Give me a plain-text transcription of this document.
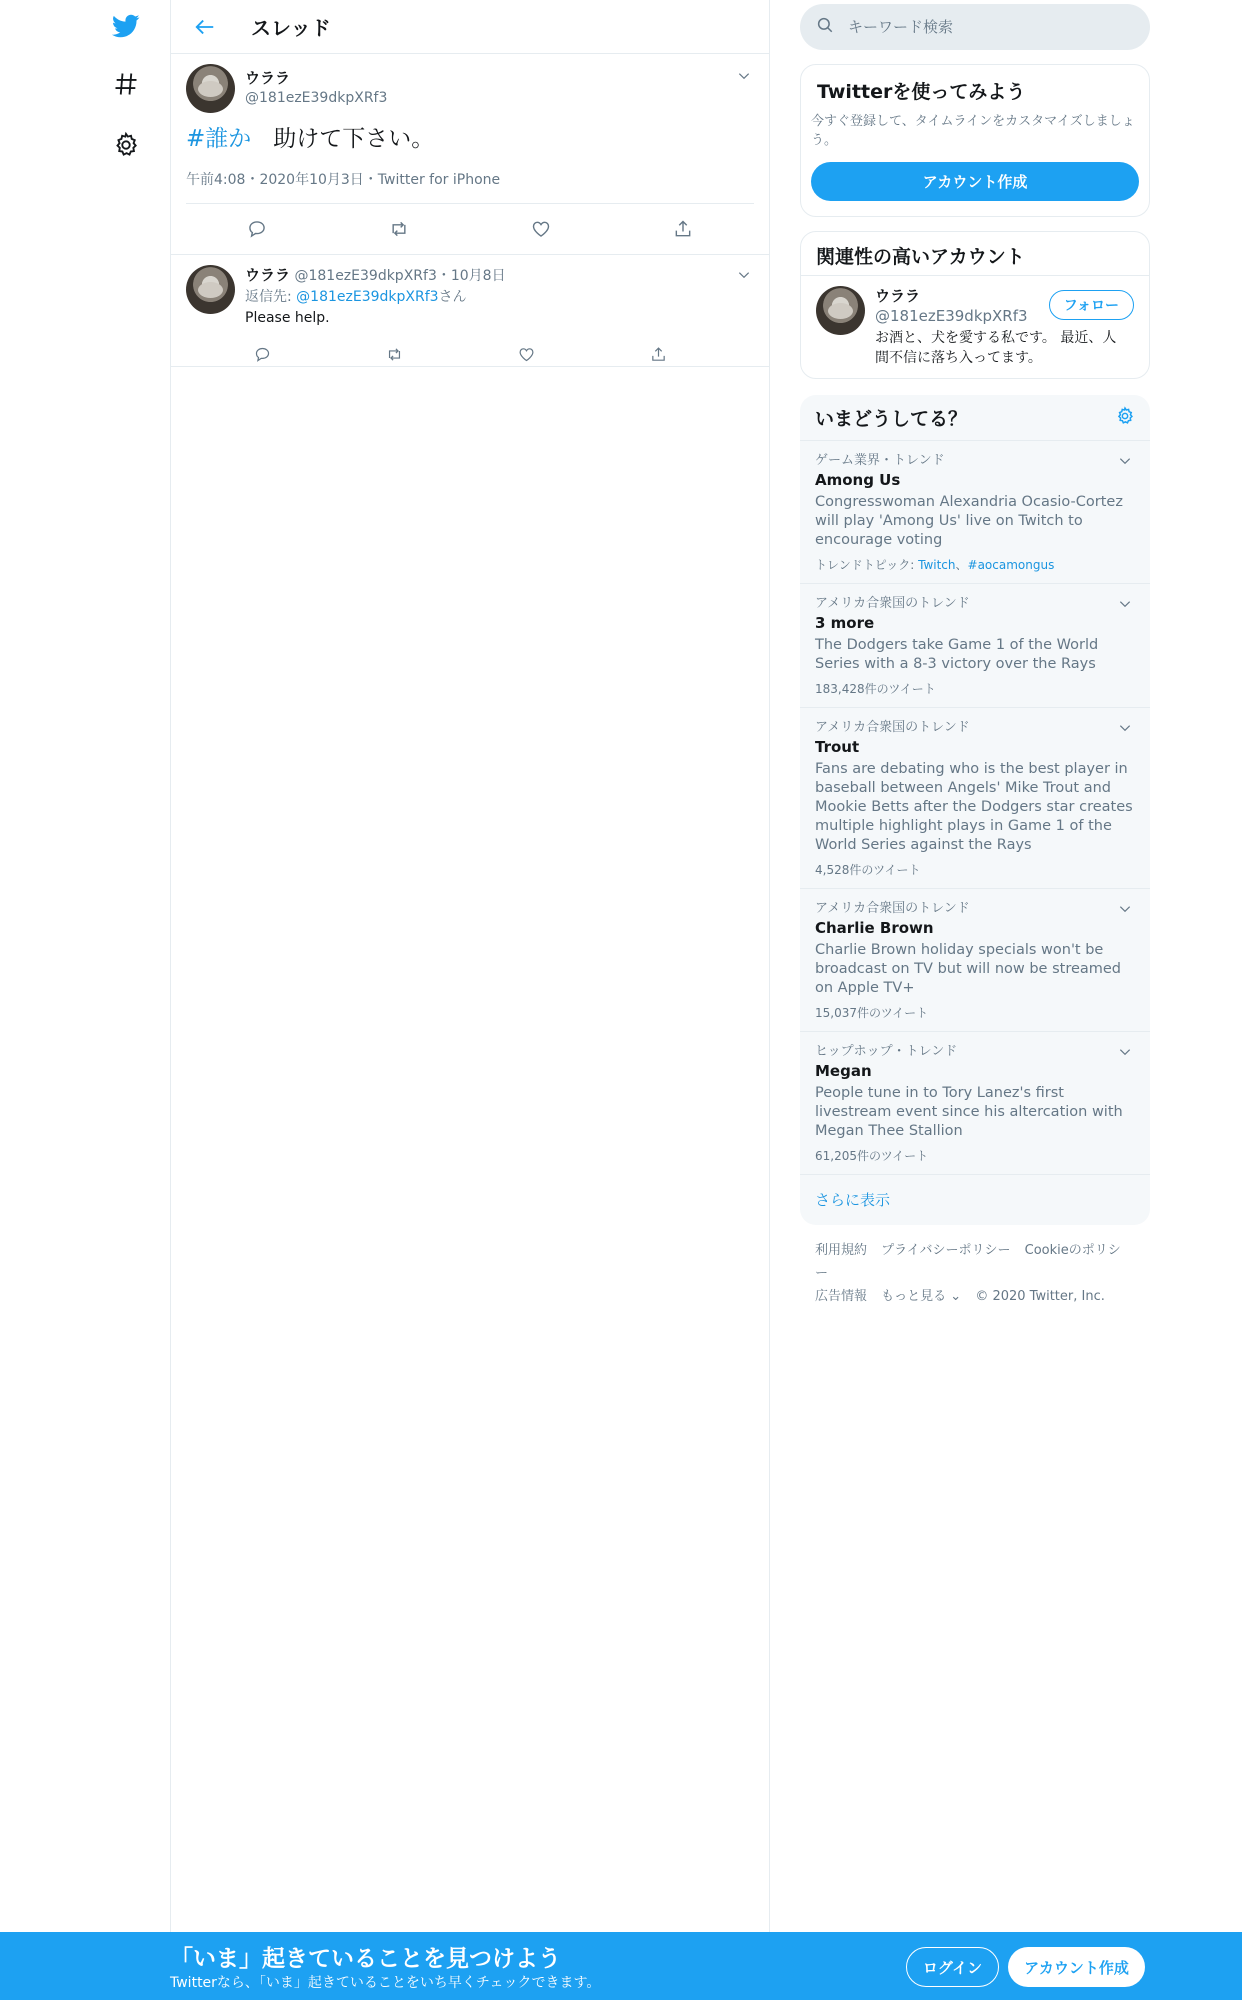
スレッド
ウララ
@181ezE39dkpXRf3
#誰か 助けて下さい。
午前4:08・2020年10月3日・Twitter for iPhone
ウララ @181ezE39dkpXRf3・10月8日
返信先: @181ezE39dkpXRf3さん
Please help.
キーワード検索
Twitterを使ってみよう
今すぐ登録して、タイムラインをカスタマイズしましょう。
アカウント作成
関連性の高いアカウント
ウララ
@181ezE39dkpXRf3
お酒と、犬を愛する私です。 最近、人間不信に落ち入ってます。
フォロー
いまどうしてる？
ゲーム業界・トレンド
Among Us
Congresswoman Alexandria Ocasio-Cortez will play 'Among Us' live on Twitch to encourage voting
トレンドトピック: Twitch、#aocamongus
アメリカ合衆国のトレンド
3 more
The Dodgers take Game 1 of the World Series with a 8-3 victory over the Rays
183,428件のツイート
アメリカ合衆国のトレンド
Trout
Fans are debating who is the best player in baseball between Angels' Mike Trout and Mookie Betts after the Dodgers star creates multiple highlight plays in Game 1 of the World Series against the Rays
4,528件のツイート
アメリカ合衆国のトレンド
Charlie Brown
Charlie Brown holiday specials won't be broadcast on TV but will now be streamed on Apple TV+
15,037件のツイート
ヒップホップ・トレンド
Megan
People tune in to Tory Lanez's first livestream event since his altercation with Megan Thee Stallion
61,205件のツイート
さらに表示
利用規約 プライバシーポリシー Cookieのポリシー
広告情報 もっと見る ⌄ © 2020 Twitter, Inc.
「いま」起きていることを見つけよう
Twitterなら、「いま」起きていることをいち早くチェックできます。
ログイン	アカウント作成
